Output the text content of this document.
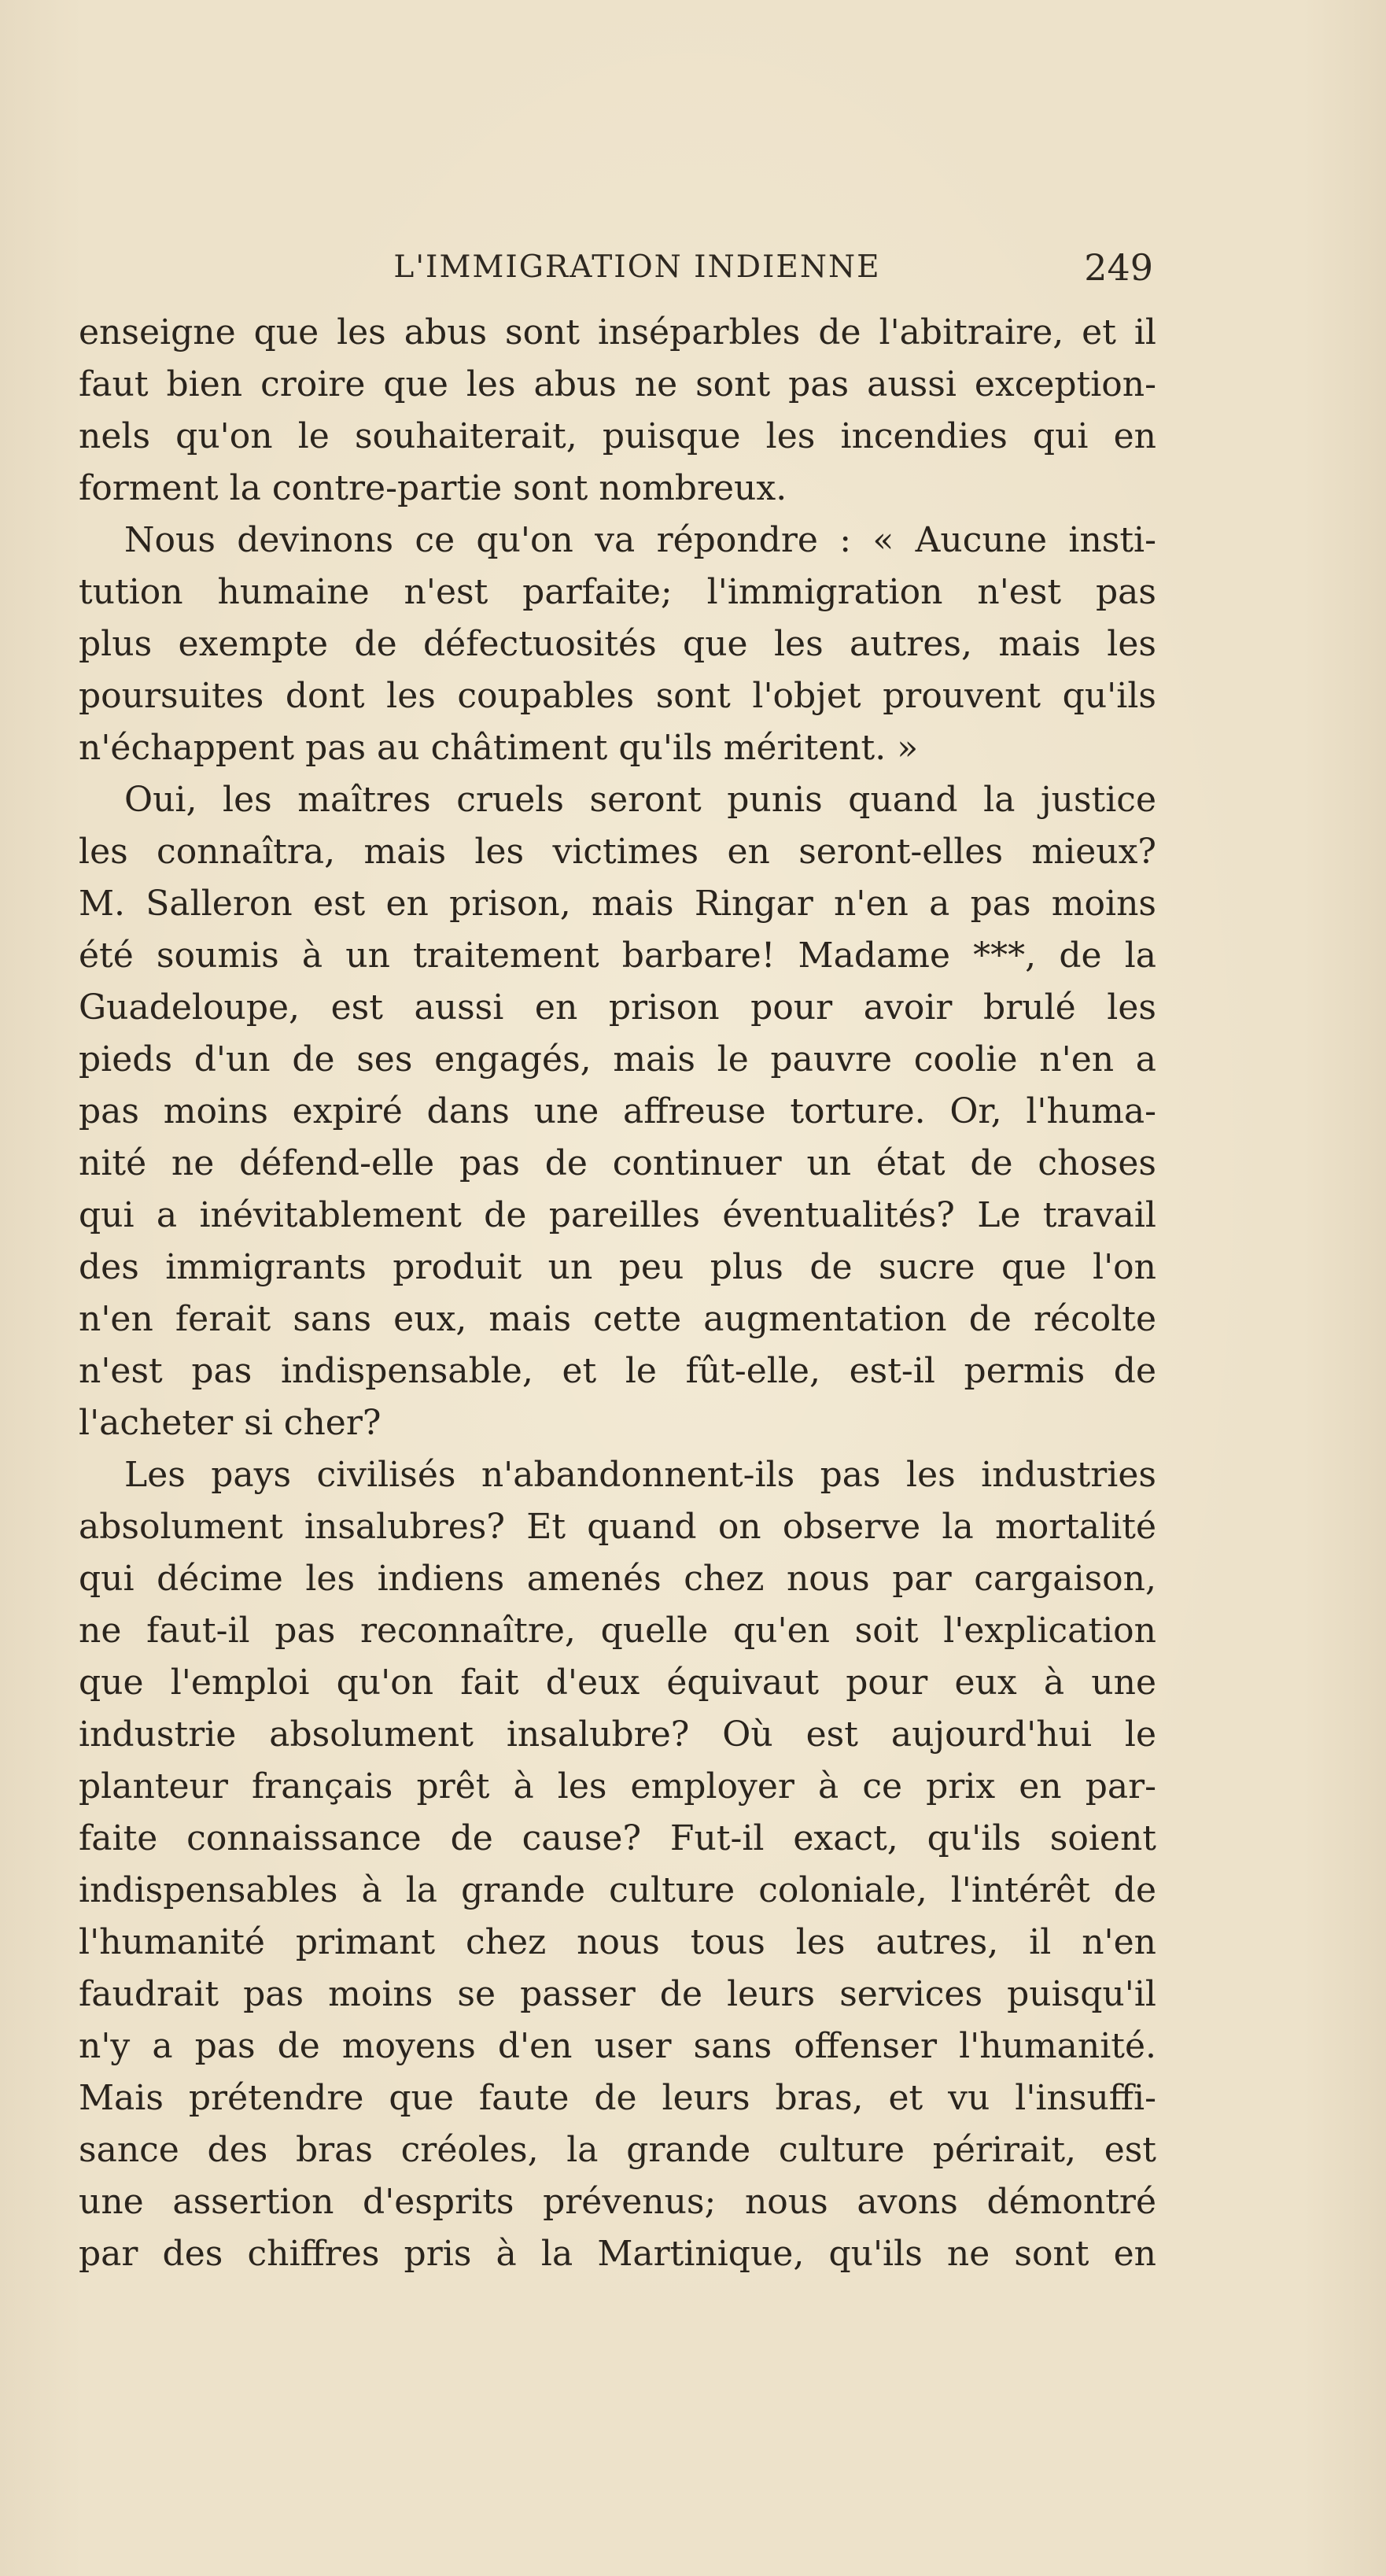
L'IMMIGRATION INDIENNE	249
enseigne que les abus sont inséparbles de l'abitraire, et il
faut bien croire que les abus ne sont pas aussi exception-
nels qu'on le souhaiterait, puisque les incendies qui en
forment la contre-partie sont nombreux.
Nous devinons ce qu'on va répondre : « Aucune insti-
tution humaine n'est parfaite; l'immigration n'est pas
plus exempte de défectuosités que les autres, mais les
poursuites dont les coupables sont l'objet prouvent qu'ils
n'échappent pas au châtiment qu'ils méritent. »
Oui, les maîtres cruels seront punis quand la justice
les connaîtra, mais les victimes en seront-elles mieux?
M. Salleron est en prison, mais Ringar n'en a pas moins
été soumis à un traitement barbare! Madame ***, de la
Guadeloupe, est aussi en prison pour avoir brulé les
pieds d'un de ses engagés, mais le pauvre coolie n'en a
pas moins expiré dans une affreuse torture. Or, l'huma-
nité ne défend-elle pas de continuer un état de choses
qui a inévitablement de pareilles éventualités? Le travail
des immigrants produit un peu plus de sucre que l'on
n'en ferait sans eux, mais cette augmentation de récolte
n'est pas indispensable, et le fût-elle, est-il permis de
l'acheter si cher?
Les pays civilisés n'abandonnent-ils pas les industries
absolument insalubres? Et quand on observe la mortalité
qui décime les indiens amenés chez nous par cargaison,
ne faut-il pas reconnaître, quelle qu'en soit l'explication
que l'emploi qu'on fait d'eux équivaut pour eux à une
industrie absolument insalubre? Où est aujourd'hui le
planteur français prêt à les employer à ce prix en par-
faite connaissance de cause? Fut-il exact, qu'ils soient
indispensables à la grande culture coloniale, l'intérêt de
l'humanité primant chez nous tous les autres, il n'en
faudrait pas moins se passer de leurs services puisqu'il
n'y a pas de moyens d'en user sans offenser l'humanité.
Mais prétendre que faute de leurs bras, et vu l'insuffi-
sance des bras créoles, la grande culture périrait, est
une assertion d'esprits prévenus; nous avons démontré
par des chiffres pris à la Martinique, qu'ils ne sont en
